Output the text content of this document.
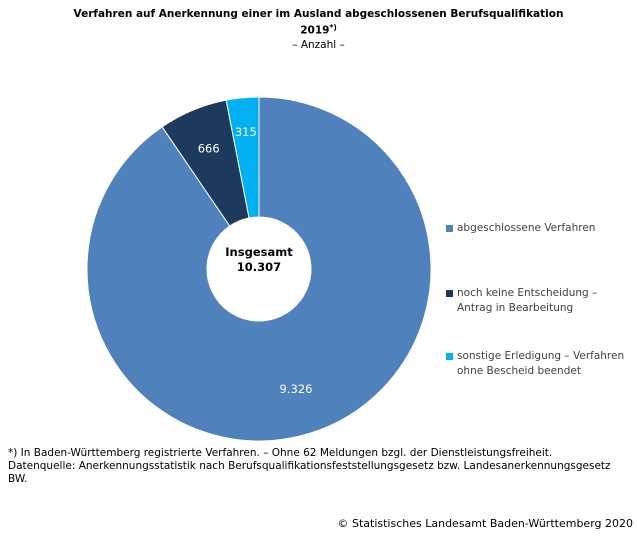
Verfahren auf Anerkennung einer im Ausland abgeschlossenen Berufsqualifikation
2019*)
– Anzahl –
9.326
666
315
Insgesamt
10.307
abgeschlossene Verfahren
noch keine Entscheidung –
Antrag in Bearbeitung
sonstige Erledigung – Verfahren
ohne Bescheid beendet
*) In Baden-Württemberg registrierte Verfahren. – Ohne 62 Meldungen bzgl. der Dienstleistungsfreiheit.
Datenquelle: Anerkennungsstatistik nach Berufsqualifikationsfeststellungsgesetz bzw. Landesanerkennungsgesetz
BW.
© Statistisches Landesamt Baden-Württemberg 2020
